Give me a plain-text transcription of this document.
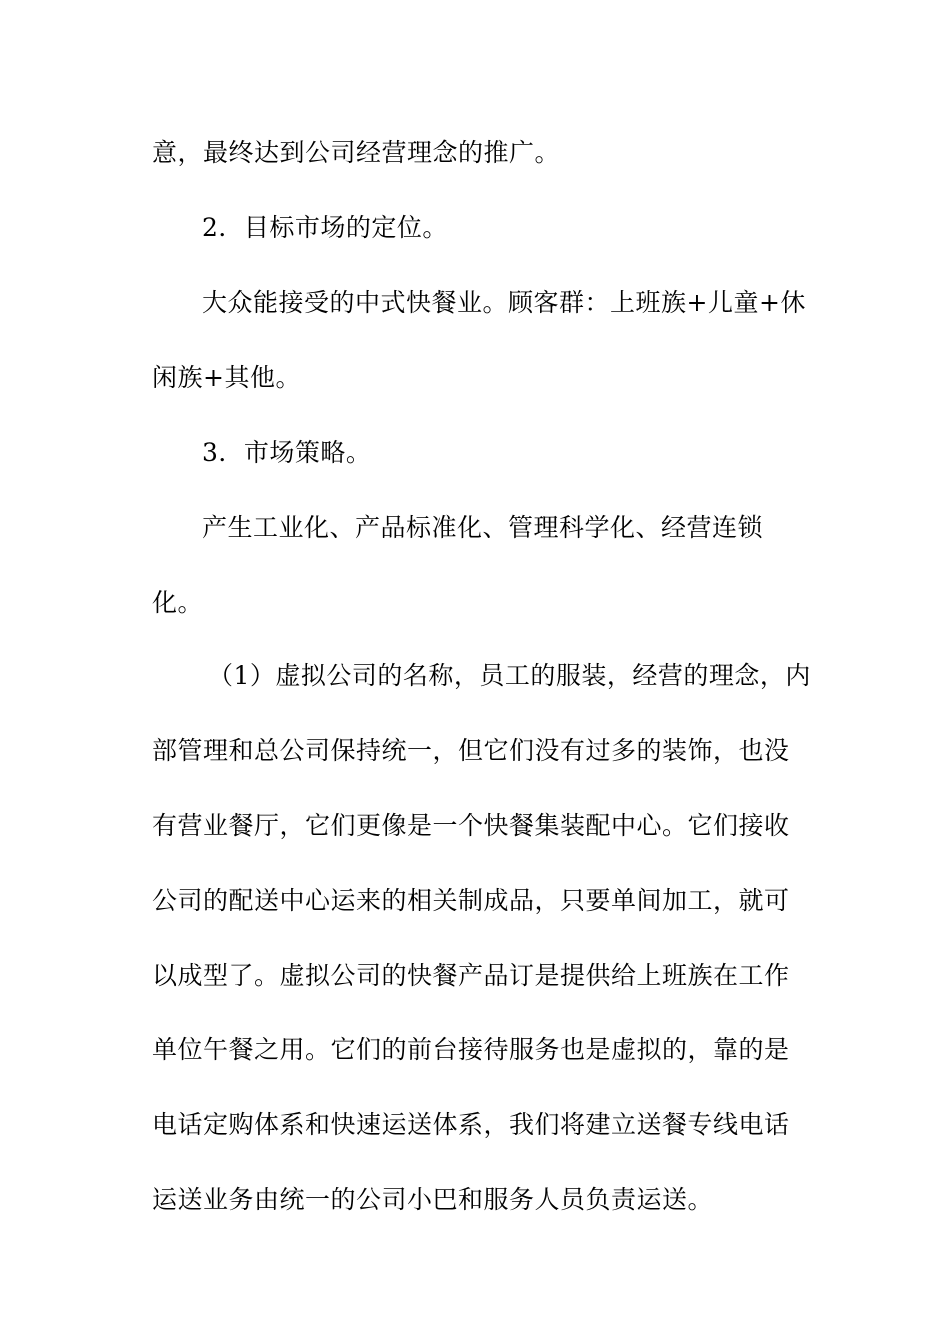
意，最终达到公司经营理念的推广。
2．目标市场的定位。
大众能接受的中式快餐业。顾客群：上班族+儿童+休
闲族+其他。
3．市场策略。
产生工业化、产品标准化、管理科学化、经营连锁
化。
（1）虚拟公司的名称，员工的服装，经营的理念，内
部管理和总公司保持统一，但它们没有过多的装饰，也没
有营业餐厅，它们更像是一个快餐集装配中心。它们接收
公司的配送中心运来的相关制成品，只要单间加工，就可
以成型了。虚拟公司的快餐产品订是提供给上班族在工作
单位午餐之用。它们的前台接待服务也是虚拟的，靠的是
电话定购体系和快速运送体系，我们将建立送餐专线电话
运送业务由统一的公司小巴和服务人员负责运送。
